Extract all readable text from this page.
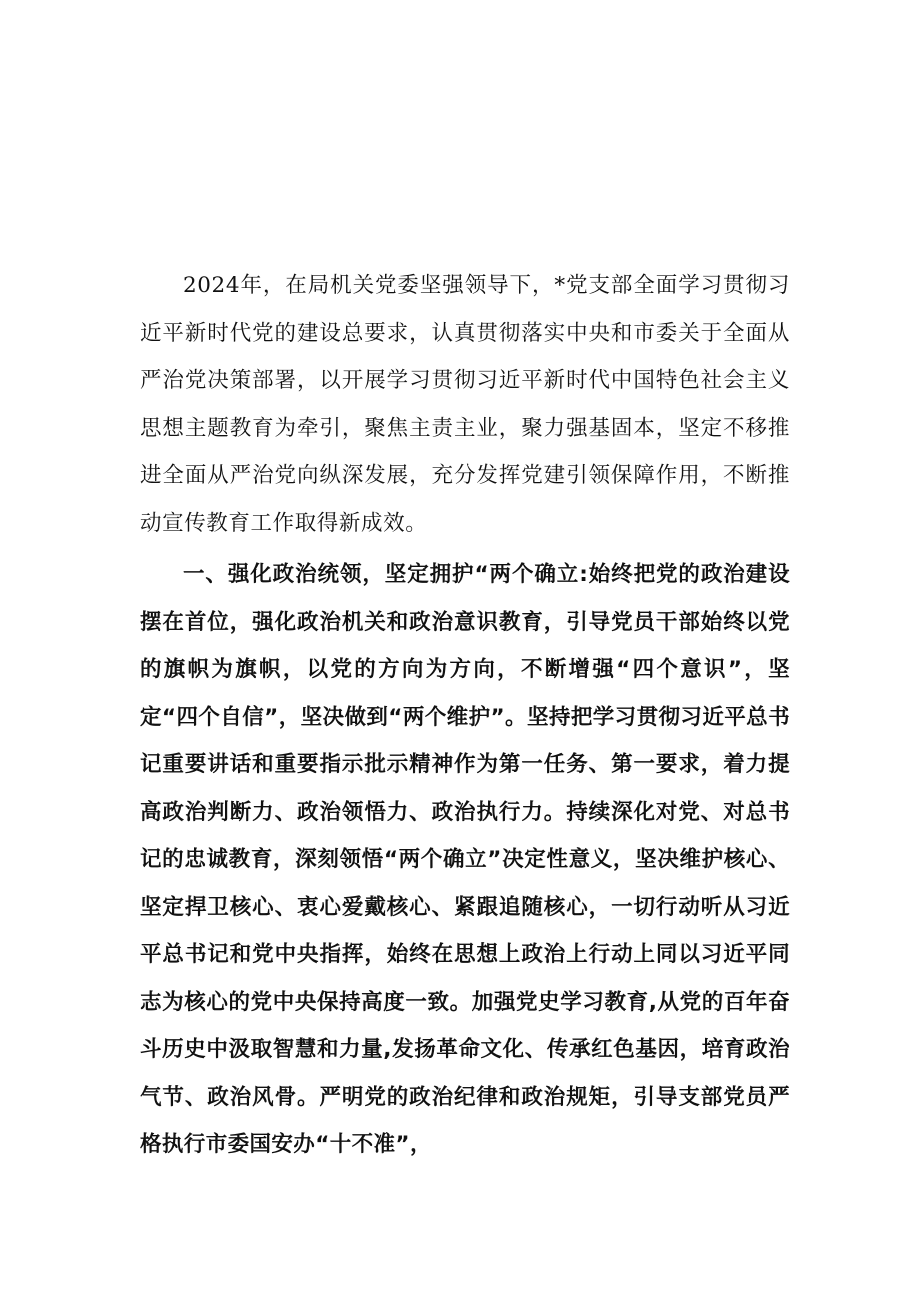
2024年，在局机关党委坚强领导下，*党支部全面学习贯彻习近平新时代党的建设总要求，认真贯彻落实中央和市委关于全面从严治党决策部署，以开展学习贯彻习近平新时代中国特色社会主义思想主题教育为牵引，聚焦主责主业，聚力强基固本，坚定不移推进全面从严治党向纵深发展，充分发挥党建引领保障作用，不断推动宣传教育工作取得新成效。

一、强化政治统领，坚定拥护“两个确立:始终把党的政治建设摆在首位，强化政治机关和政治意识教育，引导党员干部始终以党的旗帜为旗帜，以党的方向为方向，不断增强“四个意识”，坚定“四个自信”，坚决做到“两个维护”。坚持把学习贯彻习近平总书记重要讲话和重要指示批示精神作为第一任务、第一要求，着力提高政治判断力、政治领悟力、政治执行力。持续深化对党、对总书记的忠诚教育，深刻领悟“两个确立”决定性意义，坚决维护核心、坚定捍卫核心、衷心爱戴核心、紧跟追随核心，一切行动听从习近平总书记和党中央指挥，始终在思想上政治上行动上同以习近平同志为核心的党中央保持高度一致。加强党史学习教育,从党的百年奋斗历史中汲取智慧和力量,发扬革命文化、传承红色基因，培育政治气节、政治风骨。严明党的政治纪律和政治规矩，引导支部党员严格执行市委国安办“十不准”，
